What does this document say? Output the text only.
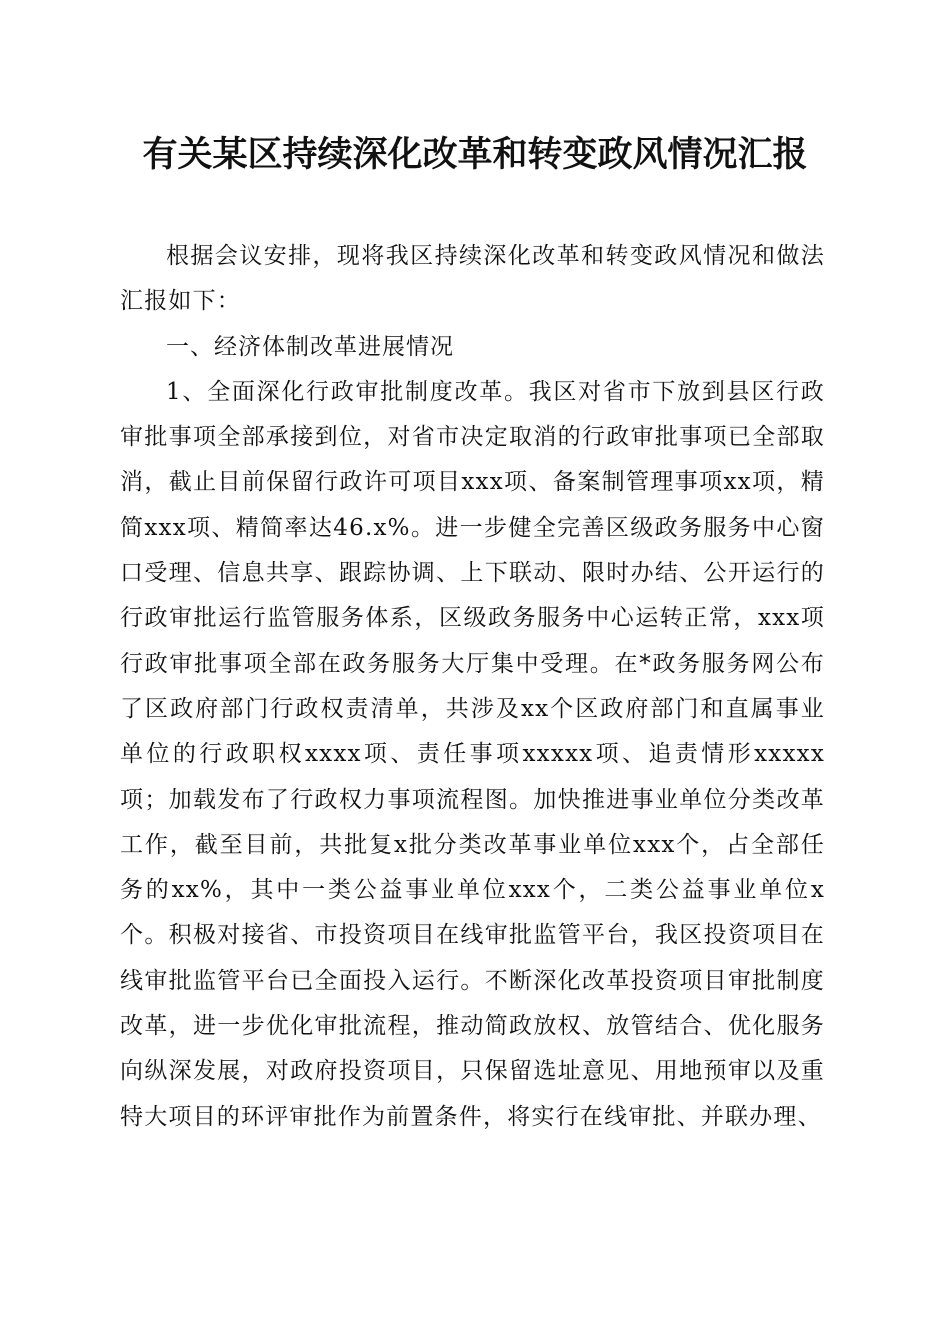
有关某区持续深化改革和转变政风情况汇报

根据会议安排，现将我区持续深化改革和转变政风情况和做法汇报如下：

一、经济体制改革进展情况

1、全面深化行政审批制度改革。我区对省市下放到县区行政审批事项全部承接到位，对省市决定取消的行政审批事项已全部取消，截止目前保留行政许可项目xxx项、备案制管理事项xx项，精简xxx项、精简率达46.x%。进一步健全完善区级政务服务中心窗口受理、信息共享、跟踪协调、上下联动、限时办结、公开运行的行政审批运行监管服务体系，区级政务服务中心运转正常，xxx项行政审批事项全部在政务服务大厅集中受理。在*政务服务网公布了区政府部门行政权责清单，共涉及xx个区政府部门和直属事业单位的行政职权xxxx项、责任事项xxxxx项、追责情形xxxxx项；加载发布了行政权力事项流程图。加快推进事业单位分类改革工作，截至目前，共批复x批分类改革事业单位xxx个，占全部任务的xx%，其中一类公益事业单位xxx个，二类公益事业单位x个。积极对接省、市投资项目在线审批监管平台，我区投资项目在线审批监管平台已全面投入运行。不断深化改革投资项目审批制度改革，进一步优化审批流程，推动简政放权、放管结合、优化服务向纵深发展，对政府投资项目，只保留选址意见、用地预审以及重特大项目的环评审批作为前置条件，将实行在线审批、并联办理、
